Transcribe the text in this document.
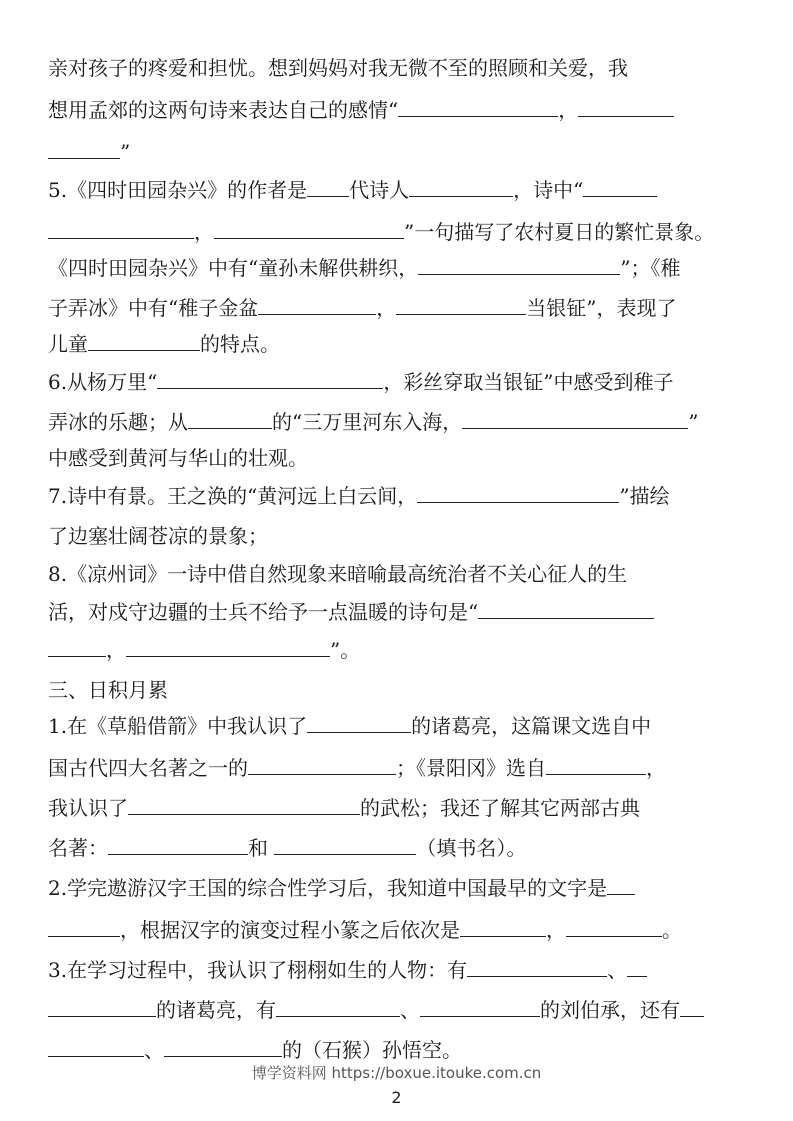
亲对孩子的疼爱和担忧。想到妈妈对我无微不至的照顾和关爱，我
想用孟郊的这两句诗来表达自己的感情“	，
”
5.《四时田园杂兴》的作者是 代诗人	，诗中“
，	”一句描写了农村夏日的繁忙景象。
《四时田园杂兴》中有“童孙未解供耕织，	”；《稚
子弄冰》中有“稚子金盆	，	当银钲”，表现了
儿童	的特点。
6.从杨万里“	，彩丝穿取当银钲”中感受到稚子
弄冰的乐趣；从	的“三万里河东入海，	”
中感受到黄河与华山的壮观。
7.诗中有景。王之涣的“黄河远上白云间，	”描绘
了边塞壮阔苍凉的景象；
8.《凉州词》一诗中借自然现象来暗喻最高统治者不关心征人的生
活，对戍守边疆的士兵不给予一点温暖的诗句是“
，	”。
三、日积月累
1.在《草船借箭》中我认识了	的诸葛亮，这篇课文选自中
国古代四大名著之一的	；《景阳冈》选自	，
我认识了	的武松；我还了解其它两部古典
名著：	和	（填书名）。
2.学完遨游汉字王国的综合性学习后，我知道中国最早的文字是
，根据汉字的演变过程小篆之后依次是	，	。
3.在学习过程中，我认识了栩栩如生的人物：有	、
的诸葛亮，有	、	的刘伯承，还有
、	的（石猴）孙悟空。
博学资料网 https://boxue.itouke.com.cn
2
